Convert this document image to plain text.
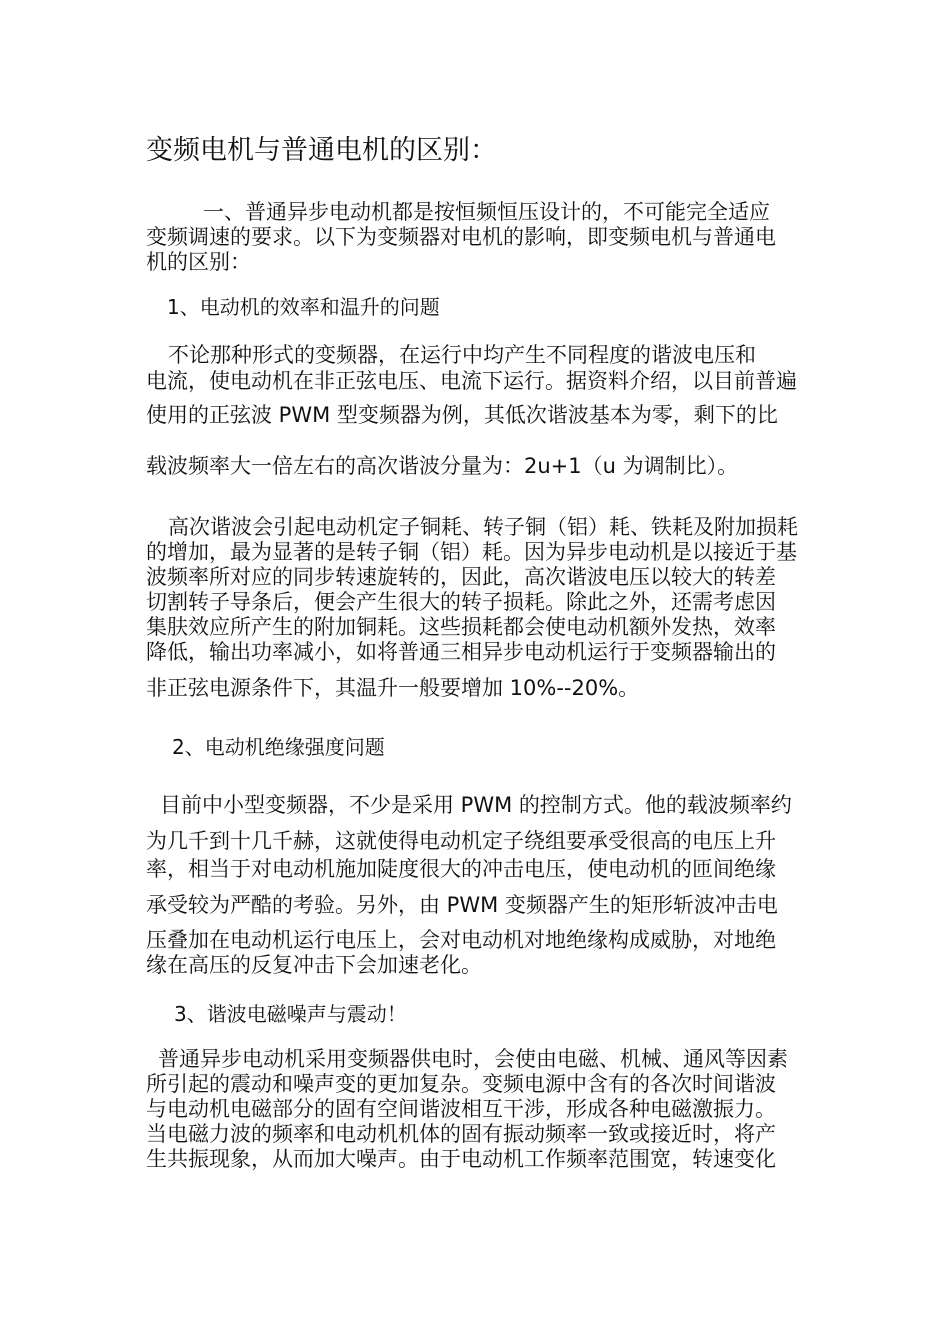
变频电机与普通电机的区别：
一、普通异步电动机都是按恒频恒压设计的，不可能完全适应
变频调速的要求。以下为变频器对电机的影响，即变频电机与普通电
机的区别：
1、电动机的效率和温升的问题
不论那种形式的变频器，在运行中均产生不同程度的谐波电压和
电流，使电动机在非正弦电压、电流下运行。据资料介绍，以目前普遍
使用的正弦波 PWM 型变频器为例，其低次谐波基本为零，剩下的比
载波频率大一倍左右的高次谐波分量为：2u+1（u 为调制比）。
高次谐波会引起电动机定子铜耗、转子铜（铝）耗、铁耗及附加损耗
的增加，最为显著的是转子铜（铝）耗。因为异步电动机是以接近于基
波频率所对应的同步转速旋转的，因此，高次谐波电压以较大的转差
切割转子导条后，便会产生很大的转子损耗。除此之外，还需考虑因
集肤效应所产生的附加铜耗。这些损耗都会使电动机额外发热，效率
降低，输出功率减小，如将普通三相异步电动机运行于变频器输出的
非正弦电源条件下，其温升一般要增加 10%--20%。
2、电动机绝缘强度问题
目前中小型变频器，不少是采用 PWM 的控制方式。他的载波频率约
为几千到十几千赫，这就使得电动机定子绕组要承受很高的电压上升
率，相当于对电动机施加陡度很大的冲击电压，使电动机的匝间绝缘
承受较为严酷的考验。另外，由 PWM 变频器产生的矩形斩波冲击电
压叠加在电动机运行电压上，会对电动机对地绝缘构成威胁，对地绝
缘在高压的反复冲击下会加速老化。
3、谐波电磁噪声与震动！
普通异步电动机采用变频器供电时，会使由电磁、机械、通风等因素
所引起的震动和噪声变的更加复杂。变频电源中含有的各次时间谐波
与电动机电磁部分的固有空间谐波相互干涉，形成各种电磁激振力。
当电磁力波的频率和电动机机体的固有振动频率一致或接近时，将产
生共振现象，从而加大噪声。由于电动机工作频率范围宽，转速变化
